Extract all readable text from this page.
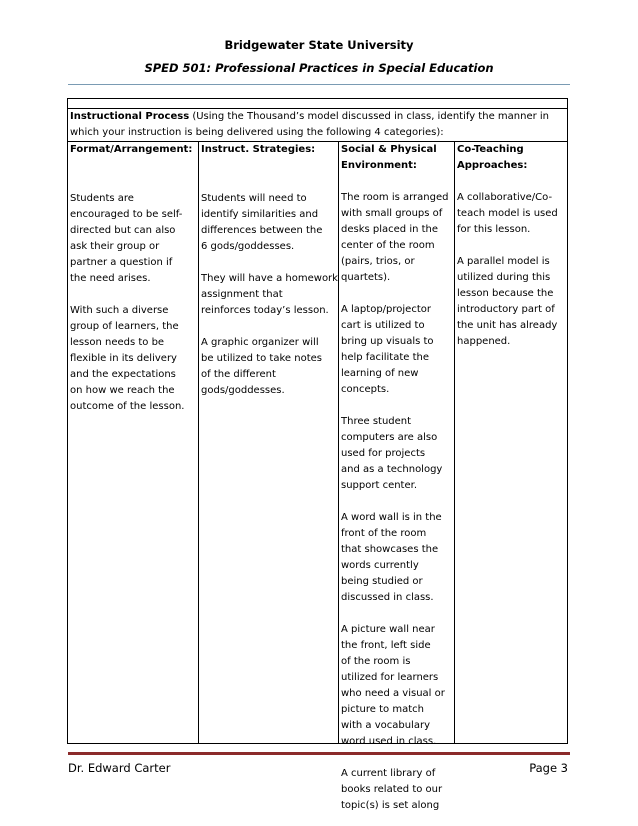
Bridgewater State University
SPED 501: Professional Practices in Special Education
Instructional Process (Using the Thousand’s model discussed in class, identify the manner in which your instruction is being delivered using the following 4 categories):
Format/Arrangement:
Students are
encouraged to be self-
directed but can also
ask their group or
partner a question if
the need arises.

With such a diverse
group of learners, the
lesson needs to be
flexible in its delivery
and the expectations
on how we reach the
outcome of the lesson.
Instruct. Strategies:
Students will need to
identify similarities and
differences between the
6 gods/goddesses.

They will have a homework
assignment that
reinforces today’s lesson.

A graphic organizer will
be utilized to take notes
of the different
gods/goddesses.
Social & Physical
Environment:
The room is arranged
with small groups of
desks placed in the
center of the room
(pairs, trios, or
quartets).

A laptop/projector
cart is utilized to
bring up visuals to
help facilitate the
learning of new
concepts.

Three student
computers are also
used for projects
and as a technology
support center.

A word wall is in the
front of the room
that showcases the
words currently
being studied or
discussed in class.

A picture wall near
the front, left side
of the room is
utilized for learners
who need a visual or
picture to match
with a vocabulary
word used in class.

A current library of
books related to our
topic(s) is set along
Co-Teaching
Approaches:
A collaborative/Co-
teach model is used
for this lesson.

A parallel model is
utilized during this
lesson because the
introductory part of
the unit has already
happened.
Dr. Edward Carter	Page 3
